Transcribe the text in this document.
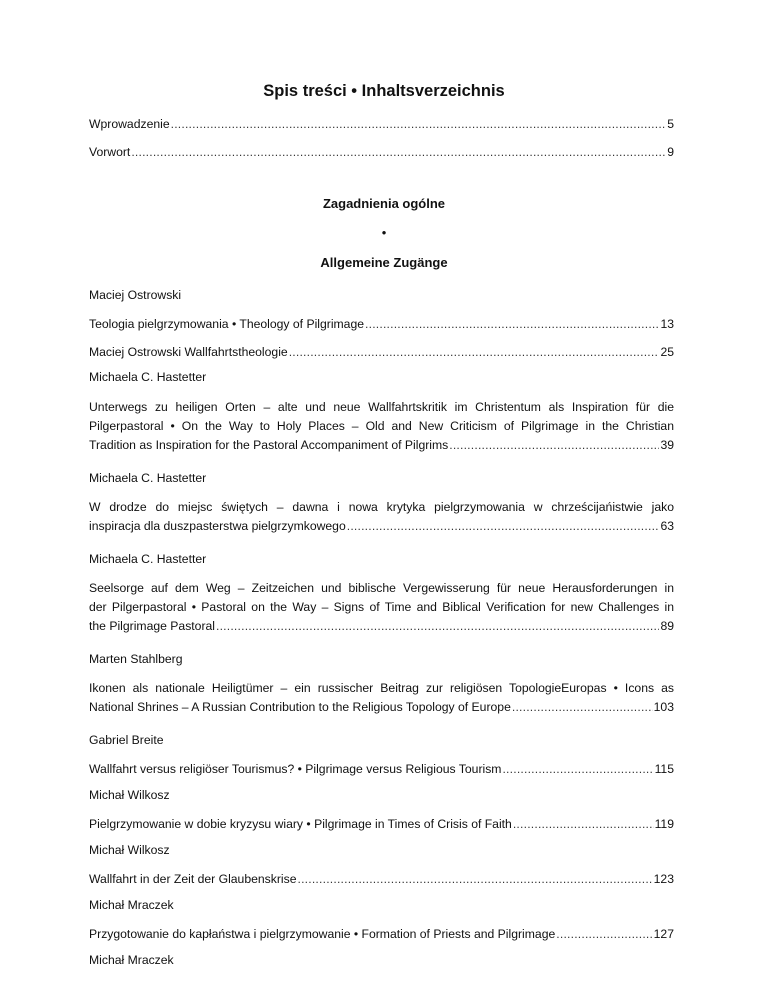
Spis treści • Inhaltsverzeichnis
Wprowadzenie .....	5
Vorwort .....	9
Zagadnienia ogólne
•
Allgemeine Zugänge
Maciej Ostrowski
Teologia pielgrzymowania • Theology of Pilgrimage .....	13
Maciej Ostrowski Wallfahrtstheologie .....	25
Michaela C. Hastetter
Unterwegs zu heiligen Orten – alte und neue Wallfahrtskritik im Christentum als Inspiration für die
Pilgerpastoral • On the Way to Holy Places – Old and New Criticism of Pilgrimage in the Christian
Tradition as Inspiration for the Pastoral Accompaniment of Pilgrims .....	39
Michaela C. Hastetter
W drodze do miejsc świętych – dawna i nowa krytyka pielgrzymowania w chrześcijańistwie jako
inspiracja dla duszpasterstwa pielgrzymkowego .....	63
Michaela C. Hastetter
Seelsorge auf dem Weg – Zeitzeichen und biblische Vergewisserung für neue Herausforderungen in
der Pilgerpastoral • Pastoral on the Way – Signs of Time and Biblical Verification for new Challenges in
the Pilgrimage Pastoral .....	89
Marten Stahlberg
Ikonen als nationale Heiligtümer – ein russischer Beitrag zur religiösen TopologieEuropas • Icons as
National Shrines – A Russian Contribution to the Religious Topology of Europe .....	103
Gabriel Breite
Wallfahrt versus religiöser Tourismus? • Pilgrimage versus Religious Tourism .....	115
Michał Wilkosz
Pielgrzymowanie w dobie kryzysu wiary • Pilgrimage in Times of Crisis of Faith .....	119
Michał Wilkosz
Wallfahrt in der Zeit der Glaubenskrise .....	123
Michał Mraczek
Przygotowanie do kapłaństwa i pielgrzymowanie • Formation of Priests and Pilgrimage .....	127
Michał Mraczek
